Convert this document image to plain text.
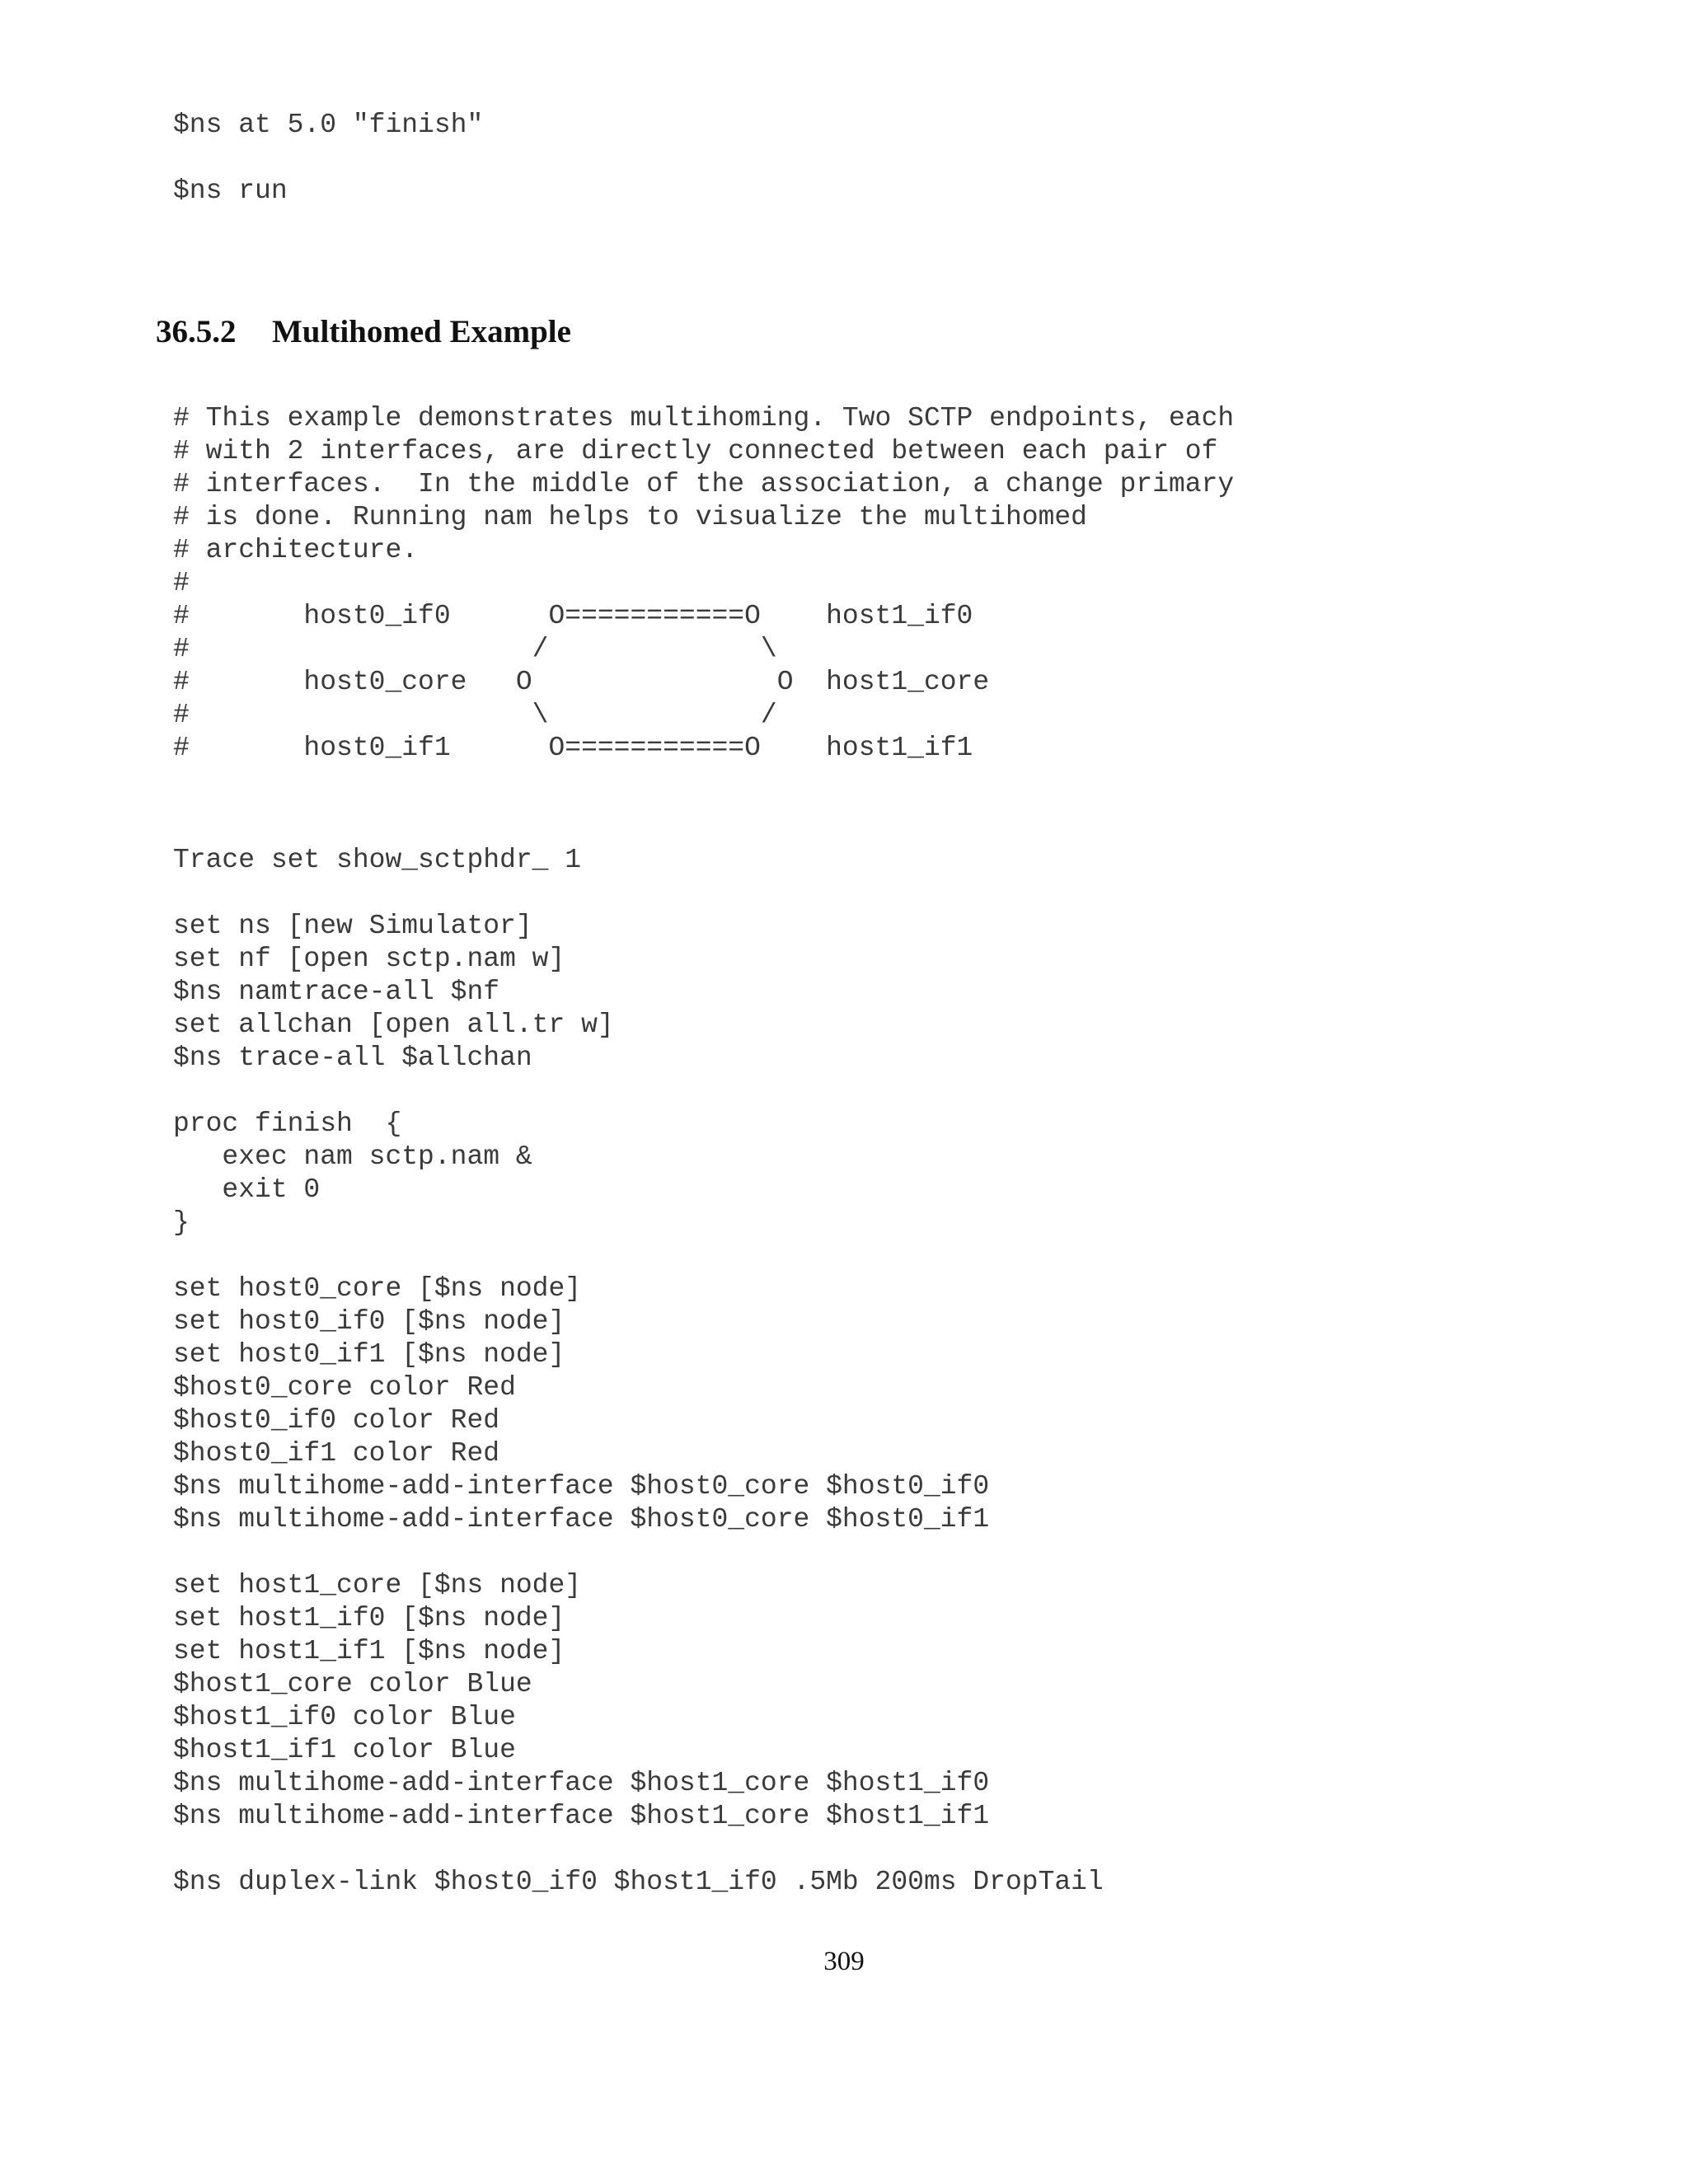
$ns at 5.0 "finish"
$ns run
36.5.2 Multihomed Example
# This example demonstrates multihoming. Two SCTP endpoints, each
# with 2 interfaces, are directly connected between each pair of
# interfaces.  In the middle of the association, a change primary
# is done. Running nam helps to visualize the multihomed
# architecture.
#
#       host0_if0      O===========O    host1_if0
#                     /             \
#       host0_core   O               O  host1_core
#                     \             /
#       host0_if1      O===========O    host1_if1
Trace set show_sctphdr_ 1
set ns [new Simulator]
set nf [open sctp.nam w]
$ns namtrace-all $nf
set allchan [open all.tr w]
$ns trace-all $allchan
proc finish  {
exec nam sctp.nam &
exit 0
}
set host0_core [$ns node]
set host0_if0 [$ns node]
set host0_if1 [$ns node]
$host0_core color Red
$host0_if0 color Red
$host0_if1 color Red
$ns multihome-add-interface $host0_core $host0_if0
$ns multihome-add-interface $host0_core $host0_if1
set host1_core [$ns node]
set host1_if0 [$ns node]
set host1_if1 [$ns node]
$host1_core color Blue
$host1_if0 color Blue
$host1_if1 color Blue
$ns multihome-add-interface $host1_core $host1_if0
$ns multihome-add-interface $host1_core $host1_if1
$ns duplex-link $host0_if0 $host1_if0 .5Mb 200ms DropTail
309
